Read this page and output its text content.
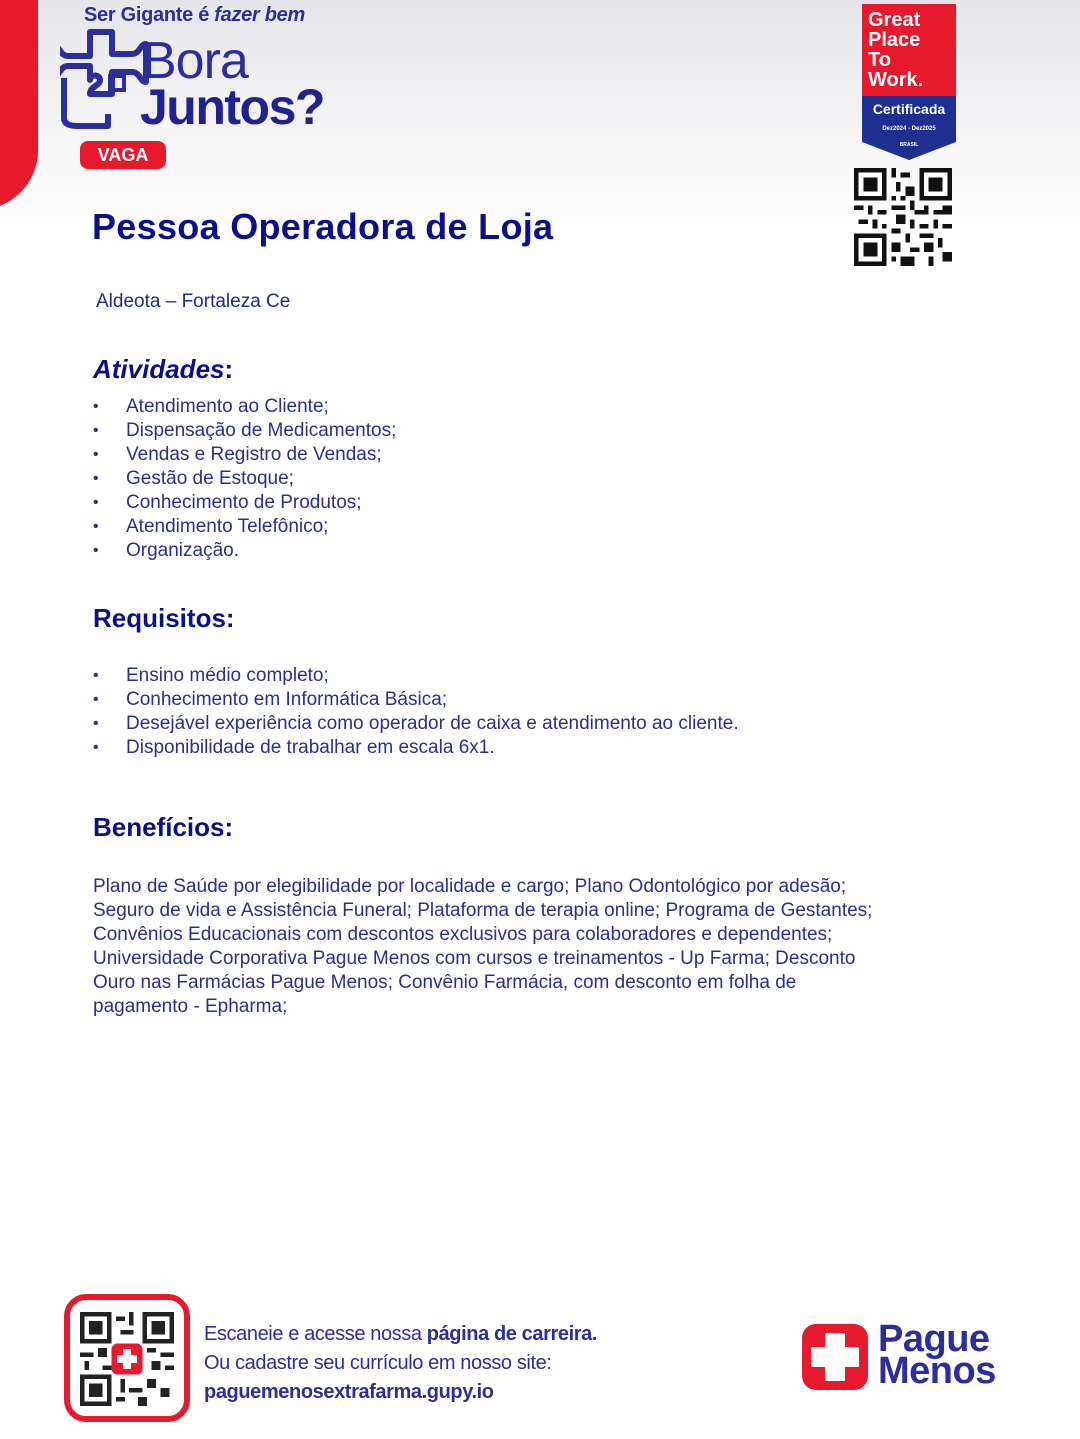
Ser Gigante é fazer bem
Bora
Juntos?
VAGA
Great
Place
To
Work.
Certificada
Dez2024 - Dez2025
BRASIL
Pessoa Operadora de Loja
Aldeota – Fortaleza Ce
Atividades:
• Atendimento ao Cliente;
• Dispensação de Medicamentos;
• Vendas e Registro de Vendas;
• Gestão de Estoque;
• Conhecimento de Produtos;
• Atendimento Telefônico;
• Organização.
Requisitos:
• Ensino médio completo;
• Conhecimento em Informática Básica;
• Desejável experiência como operador de caixa e atendimento ao cliente.
• Disponibilidade de trabalhar em escala 6x1.
Benefícios:
Plano de Saúde por elegibilidade por localidade e cargo; Plano Odontológico por adesão; Seguro de vida e Assistência Funeral; Plataforma de terapia online; Programa de Gestantes; Convênios Educacionais com descontos exclusivos para colaboradores e dependentes; Universidade Corporativa Pague Menos com cursos e treinamentos - Up Farma; Desconto Ouro nas Farmácias Pague Menos; Convênio Farmácia, com desconto em folha de pagamento - Epharma;
Escaneie e acesse nossa página de carreira.
Ou cadastre seu currículo em nosso site:
paguemenosextrafarma.gupy.io
Pague
Menos
